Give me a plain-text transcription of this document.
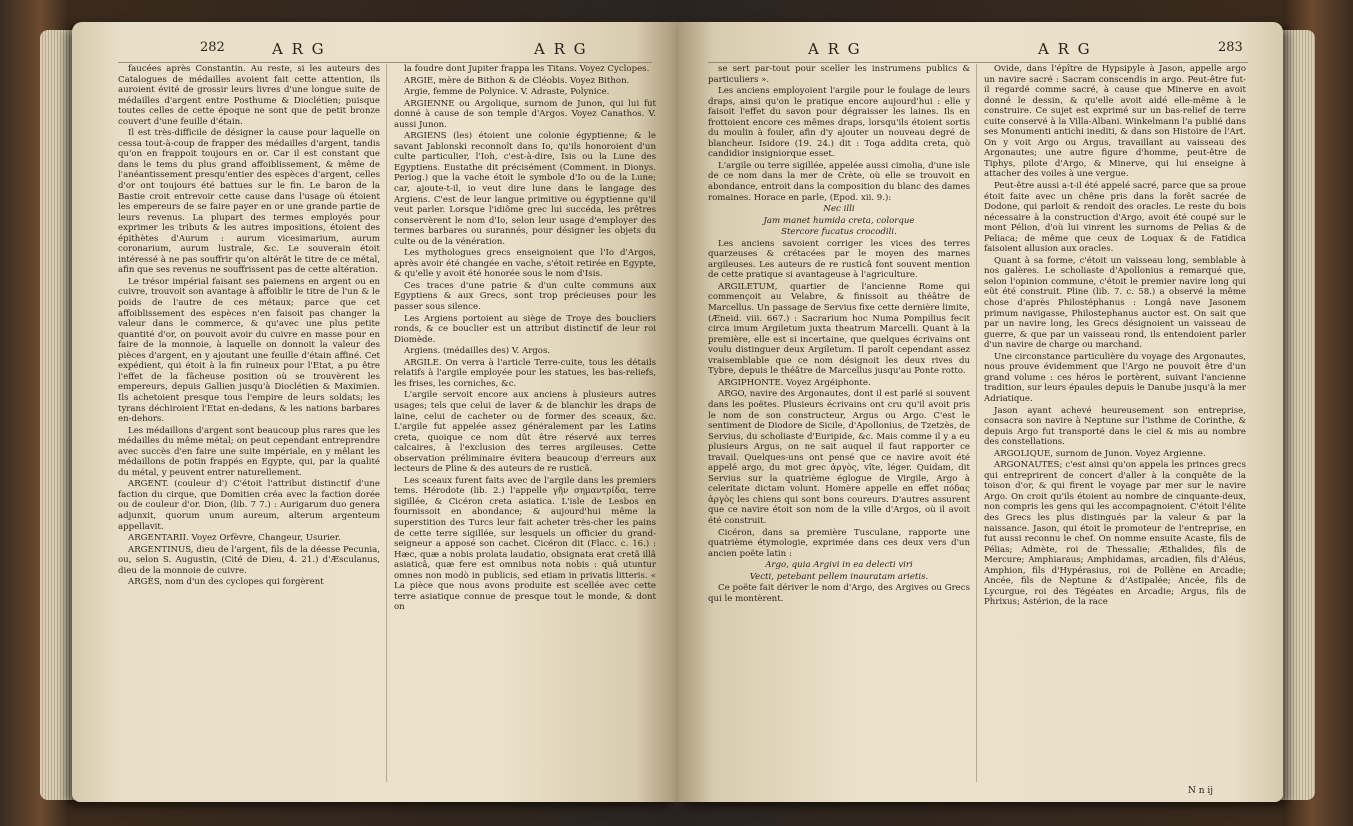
282	A R G	A R G

faucées après Constantin. Au reste, si les auteurs des Catalogues de médailles avoient fait cette attention, ils auroient évité de grossir leurs livres d'une longue suite de médailles d'argent entre Posthume & Dioclétien; puisque toutes celles de cette époque ne sont que de petit bronze couvert d'une feuille d'étain.

Il est très-difficile de désigner la cause pour laquelle on cessa tout-à-coup de frapper des médailles d'argent, tandis qu'on en frappoit toujours en or. Car il est constant que dans le tems du plus grand affoiblissement, & même de l'anéantissement presqu'entier des espèces d'argent, celles d'or ont toujours été battues sur le fin. Le baron de la Bastie croit entrevoir cette cause dans l'usage où étoient les empereurs de se faire payer en or une grande partie de leurs revenus. La plupart des termes employés pour exprimer les tributs & les autres impositions, étoient des épithètes d'Aurum : aurum vicesimarium, aurum coronarium, aurum lustrale, &c. Le souverain étoit intéressé à ne pas souffrir qu'on altérât le titre de ce métal, afin que ses revenus ne souffrissent pas de cette altération.

Le trésor impérial faisant ses paiemens en argent ou en cuivre, trouvoit son avantage à affoiblir le titre de l'un & le poids de l'autre de ces métaux; parce que cet affoiblissement des espèces n'en faisoit pas changer la valeur dans le commerce, & qu'avec une plus petite quantité d'or, on pouvoit avoir du cuivre en masse pour en faire de la monnoie, à laquelle on donnoit la valeur des pièces d'argent, en y ajoutant une feuille d'étain affiné. Cet expédient, qui étoit à la fin ruineux pour l'Etat, a pu être l'effet de la fâcheuse position où se trouvèrent les empereurs, depuis Gallien jusqu'à Dioclétien & Maximien. Ils achetoient presque tous l'empire de leurs soldats; les tyrans déchiroient l'Etat en-dedans, & les nations barbares en-dehors.

Les médaillons d'argent sont beaucoup plus rares que les médailles du même métal; on peut cependant entreprendre avec succès d'en faire une suite impériale, en y mêlant les médaillons de potin frappés en Egypte, qui, par la qualité du métal, y peuvent entrer naturellement.

ARGENT. (couleur d') C'étoit l'attribut distinctif d'une faction du cirque, que Domitien créa avec la faction dorée ou de couleur d'or. Dion, (lib. 7 7.) : Aurigarum duo genera adjunxit, quorum unum aureum, alterum argenteum appellavit.

ARGENTARII. Voyez Orfèvre, Changeur, Usurier.

ARGENTINUS, dieu de l'argent, fils de la déesse Pecunia, ou, selon S. Augustin, (Cité de Dieu, 4. 21.) d'Æsculanus, dieu de la monnoie de cuivre.

ARGÈS, nom d'un des cyclopes qui forgèrent

la foudre dont Jupiter frappa les Titans. Voyez Cyclopes.

ARGIE, mère de Bithon & de Cléobis. Voyez Bithon.

Argie, femme de Polynice. V. Adraste, Polynice.

ARGIENNE ou Argolique, surnom de Junon, qui lui fut donné à cause de son temple d'Argos. Voyez Canathos. V. aussi Junon.

ARGIENS (les) étoient une colonie égyptienne; & le savant Jablonski reconnoît dans Io, qu'ils honoroient d'un culte particulier, l'Ioh, c'est-à-dire, Isis ou la Lune des Egyptiens. Eustathe dit précisément (Comment. in Dionys. Periog.) que la vache étoit le symbole d'Io ou de la Lune; car, ajoute-t-il, io veut dire lune dans le langage des Argiens. C'est de leur langue primitive ou égyptienne qu'il veut parler. Lorsque l'idiôme grec lui succéda, les prêtres conservèrent le nom d'Io, selon leur usage d'employer des termes barbares ou surannés, pour désigner les objets du culte ou de la vénération.

Les mythologues grecs enseignoient que l'Io d'Argos, après avoir été changée en vache, s'étoit retirée en Egypte, & qu'elle y avoit été honorée sous le nom d'Isis.

Ces traces d'une patrie & d'un culte communs aux Egyptiens & aux Grecs, sont trop précieuses pour les passer sous silence.

Les Argiens portoient au siège de Troye des boucliers ronds, & ce bouclier est un attribut distinctif de leur roi Diomède.

Argiens. (médailles des) V. Argos.

ARGILE. On verra à l'article Terre-cuite, tous les détails relatifs à l'argile employée pour les statues, les bas-reliefs, les frises, les corniches, &c.

L'argile servoit encore aux anciens à plusieurs autres usages; tels que celui de laver & de blanchir les draps de laine, celui de cacheter ou de former des sceaux, &c. L'argile fut appelée assez généralement par les Latins creta, quoique ce nom dût être réservé aux terres calcaires, à l'exclusion des terres argileuses. Cette observation préliminaire évitera beaucoup d'erreurs aux lecteurs de Pline & des auteurs de re rusticâ.

Les sceaux furent faits avec de l'argile dans les premiers tems. Hérodote (lib. 2.) l'appelle γῆν σημαντρίδα, terre sigillée, & Cicéron creta asiatica. L'isle de Lesbos en fournissoit en abondance; & aujourd'hui même la superstition des Turcs leur fait acheter très-cher les pains de cette terre sigillée, sur lesquels un officier du grand-seigneur a apposé son cachet. Cicéron dit (Flacc. c. 16.) : Hæc, quæ a nobis prolata laudatio, obsignata erat cretâ illâ asiaticâ, quæ fere est omnibus nota nobis : quâ utuntur omnes non modò in publicis, sed etiam in privatis litteris. « La pièce que nous avons produite est scellée avec cette terre asiatique connue de presque tout le monde, & dont on

A R G	A R G	283

se sert par-tout pour sceller les instrumens publics & particuliers ».

Les anciens employoient l'argile pour le foulage de leurs draps, ainsi qu'on le pratique encore aujourd'hui : elle y faisoit l'effet du savon pour dégraisser les laines. Ils en frottoient encore ces mêmes draps, lorsqu'ils étoient sortis du moulin à fouler, afin d'y ajouter un nouveau degré de blancheur. Isidore (19. 24.) dit : Toga addita creta, quò candidior insigniorque esset.

L'argile ou terre sigillée, appelée aussi cimolia, d'une isle de ce nom dans la mer de Crète, où elle se trouvoit en abondance, entroit dans la composition du blanc des dames romaines. Horace en parle, (Epod. xii. 9.):

Nec illi

Jam manet humida creta, colorque

Stercore fucatus crocodili.

Les anciens savoient corriger les vices des terres quarzeuses & crétacées par le moyen des marnes argileuses. Les auteurs de re rusticâ font souvent mention de cette pratique si avantageuse à l'agriculture.

ARGILETUM, quartier de l'ancienne Rome qui commençoit au Velabre, & finissoit au théâtre de Marcellus. Un passage de Servius fixe cette dernière limite, (Æneid. viii. 667.) : Sacrarium hoc Numa Pompilius fecit circa imum Argiletum juxta theatrum Marcelli. Quant à la première, elle est si incertaine, que quelques écrivains ont voulu distinguer deux Argiletum. Il paroît cependant assez vraisemblable que ce nom désignoit les deux rives du Tybre, depuis le théâtre de Marcellus jusqu'au Ponte rotto.

ARGIPHONTE. Voyez Argéiphonte.

ARGO, navire des Argonautes, dont il est parlé si souvent dans les poëtes. Plusieurs écrivains ont cru qu'il avoit pris le nom de son constructeur, Argus ou Argo. C'est le sentiment de Diodore de Sicile, d'Apollonius, de Tzetzès, de Servius, du scholiaste d'Euripide, &c. Mais comme il y a eu plusieurs Argus, on ne sait auquel il faut rapporter ce travail. Quelques-uns ont pensé que ce navire avoit été appelé argo, du mot grec ἀργὸς, vîte, léger. Quidam, dit Servius sur la quatrième églogue de Virgile, Argo à celeritate dictam volunt. Homère appelle en effet πόδας ἀργὸς les chiens qui sont bons coureurs. D'autres assurent que ce navire étoit son nom de la ville d'Argos, où il avoit été construit.

Cicéron, dans sa première Tusculane, rapporte une quatrième étymologie, exprimée dans ces deux vers d'un ancien poëte latin :

Argo, quia Argivi in ea delecti viri

Vecti, petebant pellem inauratam arietis.

Ce poëte fait dériver le nom d'Argo, des Argives ou Grecs qui le montèrent.

Ovide, dans l'épître de Hypsipyle à Jason, appelle argo un navire sacré : Sacram conscendis in argo. Peut-être fut-il regardé comme sacré, à cause que Minerve en avoit donné le dessin, & qu'elle avoit aidé elle-même à le construire. Ce sujet est exprimé sur un bas-relief de terre cuite conservé à la Villa-Albani. Winkelmann l'a publié dans ses Monumenti antichi inediti, & dans son Histoire de l'Art. On y voit Argo ou Argus, travaillant au vaisseau des Argonautes; une autre figure d'homme, peut-être de Tiphys, pilote d'Argo, & Minerve, qui lui enseigne à attacher des voiles à une vergue.

Peut-être aussi a-t-il été appelé sacré, parce que sa proue étoit faite avec un chêne pris dans la forêt sacrée de Dodone, qui parloit & rendoit des oracles. Le reste du bois nécessaire à la construction d'Argo, avoit été coupé sur le mont Pélion, d'où lui vinrent les surnoms de Pelias & de Peliaca; de même que ceux de Loquax & de Fatidica faisoient allusion aux oracles.

Quant à sa forme, c'étoit un vaisseau long, semblable à nos galères. Le scholiaste d'Apollonius a remarqué que, selon l'opinion commune, c'étoit le premier navire long qui eût été construit. Pline (lib. 7. c. 58.) a observé la même chose d'après Philostéphanus : Longâ nave Jasonem primum navigasse, Philostephanus auctor est. On sait que par un navire long, les Grecs désignoient un vaisseau de guerre, & que par un vaisseau rond, ils entendoient parler d'un navire de charge ou marchand.

Une circonstance particulière du voyage des Argonautes, nous prouve évidemment que l'Argo ne pouvoit être d'un grand volume : ces héros le portèrent, suivant l'ancienne tradition, sur leurs épaules depuis le Danube jusqu'à la mer Adriatique.

Jason ayant achevé heureusement son entreprise, consacra son navire à Neptune sur l'isthme de Corinthe, & depuis Argo fut transporté dans le ciel & mis au nombre des constellations.

ARGOLIQUE, surnom de Junon. Voyez Argienne.

ARGONAUTES; c'est ainsi qu'on appela les princes grecs qui entreprirent de concert d'aller à la conquête de la toison d'or, & qui firent le voyage par mer sur le navire Argo. On croit qu'ils étoient au nombre de cinquante-deux, non compris les gens qui les accompagnoient. C'étoit l'élite des Grecs les plus distingués par la valeur & par la naissance. Jason, qui étoit le promoteur de l'entreprise, en fut aussi reconnu le chef. On nomme ensuite Acaste, fils de Pélias; Admète, roi de Thessalie; Æthalides, fils de Mercure; Amphiaraus; Amphidamas, arcadien, fils d'Aléus, Amphion, fils d'Hypérasius, roi de Pollène en Arcadie; Ancée, fils de Neptune & d'Astipalée; Ancée, fils de Lycurgue, roi des Tégéates en Arcadie; Argus, fils de Phrixus; Astérion, de la race

N n ij
